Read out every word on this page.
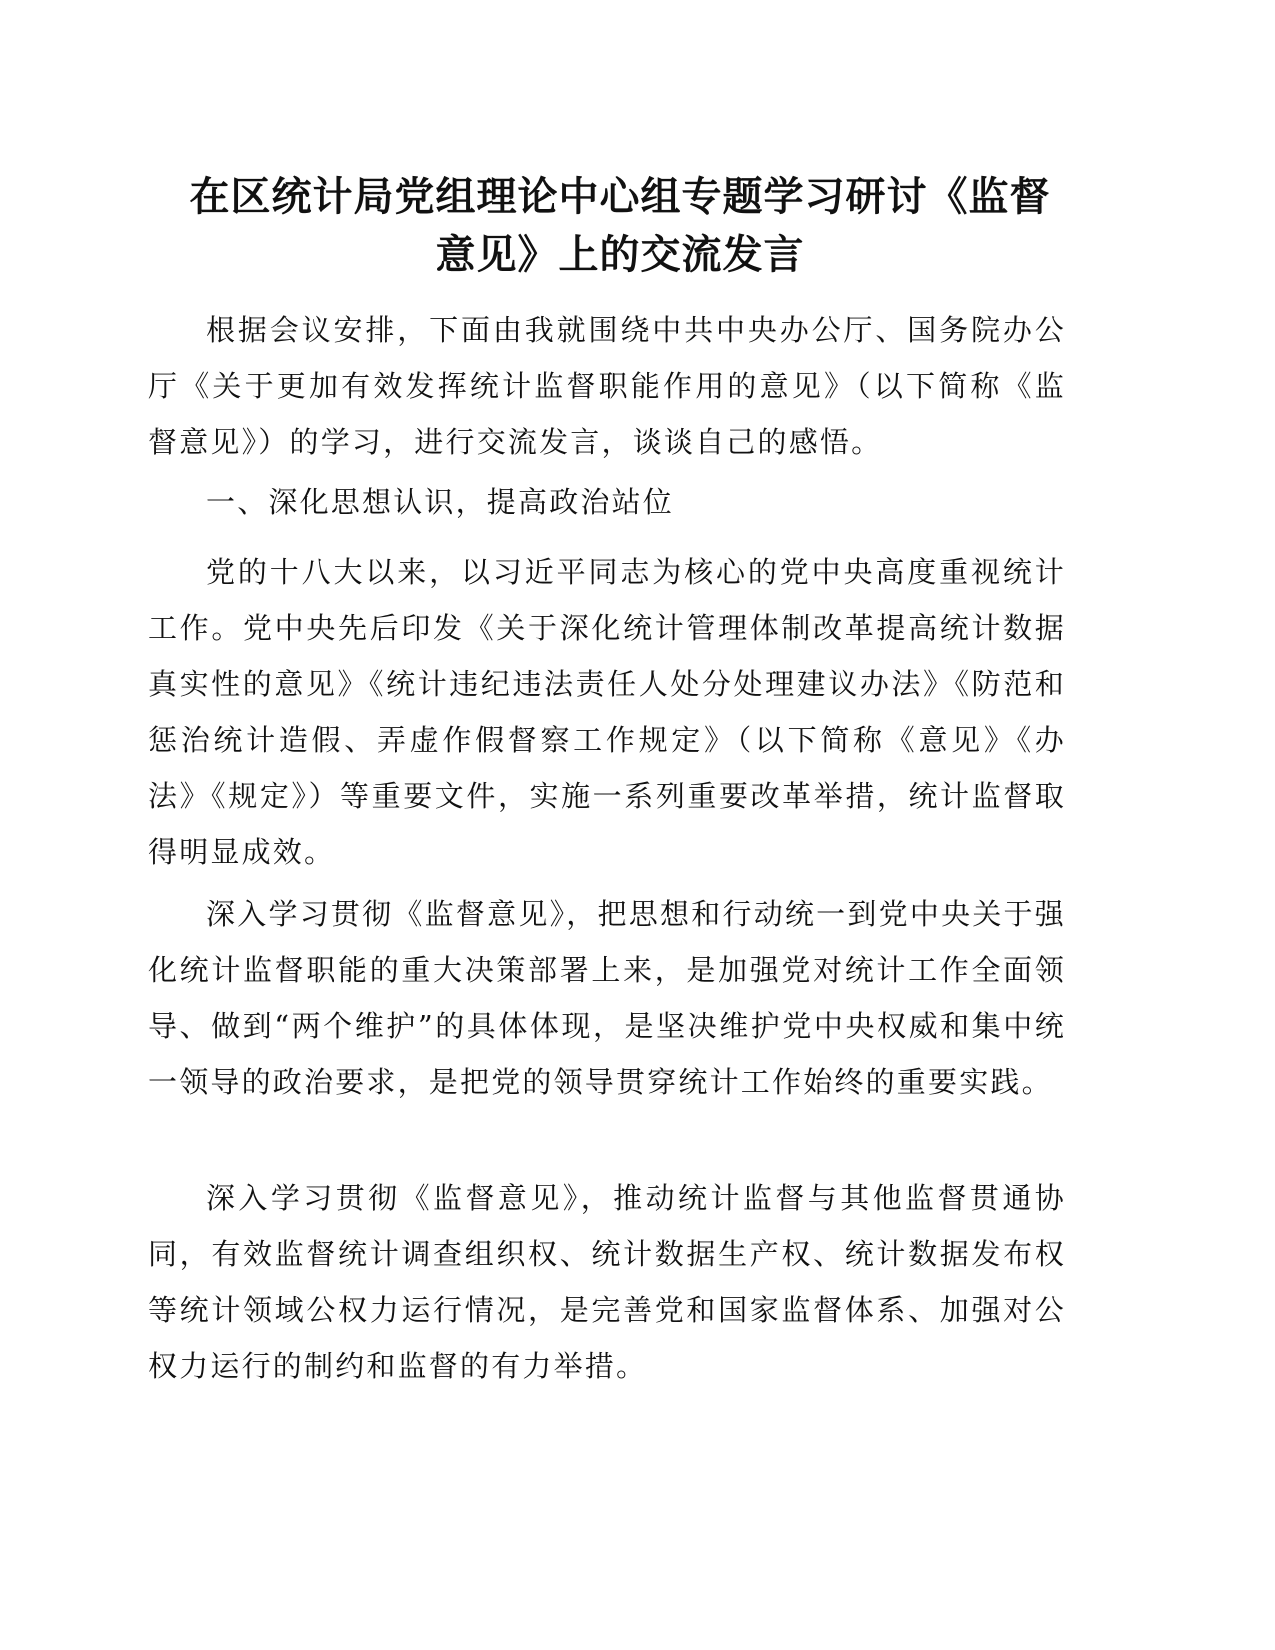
在区统计局党组理论中心组专题学习研讨《监督
意见》上的交流发言

根据会议安排，下面由我就围绕中共中央办公厅、国务院办公厅《关于更加有效发挥统计监督职能作用的意见》（以下简称《监督意见》）的学习，进行交流发言，谈谈自己的感悟。

一、深化思想认识，提高政治站位

党的十八大以来，以习近平同志为核心的党中央高度重视统计工作。党中央先后印发《关于深化统计管理体制改革提高统计数据真实性的意见》《统计违纪违法责任人处分处理建议办法》《防范和惩治统计造假、弄虚作假督察工作规定》（以下简称《意见》《办法》《规定》）等重要文件，实施一系列重要改革举措，统计监督取得明显成效。

深入学习贯彻《监督意见》，把思想和行动统一到党中央关于强化统计监督职能的重大决策部署上来，是加强党对统计工作全面领导、做到“两个维护”的具体体现，是坚决维护党中央权威和集中统一领导的政治要求，是把党的领导贯穿统计工作始终的重要实践。

深入学习贯彻《监督意见》，推动统计监督与其他监督贯通协同，有效监督统计调查组织权、统计数据生产权、统计数据发布权等统计领域公权力运行情况，是完善党和国家监督体系、加强对公权力运行的制约和监督的有力举措。
